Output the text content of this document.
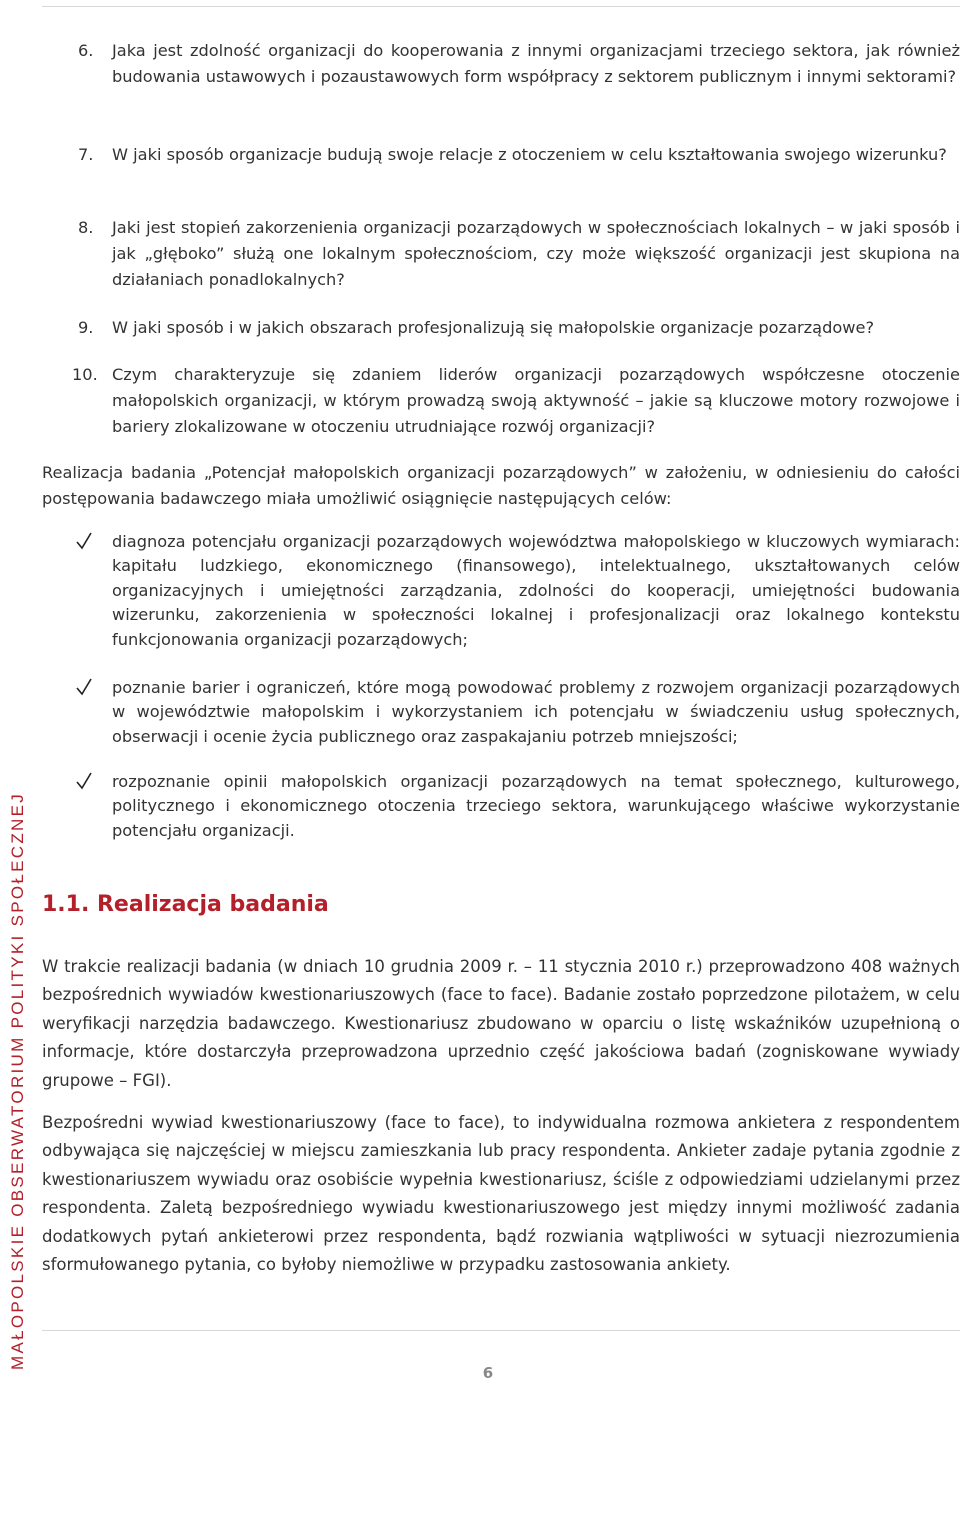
MAŁOPOLSKIE OBSERWATORIUM POLITYKI SPOŁECZNEJ
6. Jaka jest zdolność organizacji do kooperowania z innymi organizacjami trzeciego sektora, jak również budowania ustawowych i pozaustawowych form współpracy z sektorem publicznym i innymi sektorami?
7. W jaki sposób organizacje budują swoje relacje z otoczeniem w celu kształtowania swojego wizerunku?
8. Jaki jest stopień zakorzenienia organizacji pozarządowych w społecznościach lokalnych – w jaki sposób i jak „głęboko” służą one lokalnym społecznościom, czy może większość organizacji jest skupiona na działaniach ponadlokalnych?
9. W jaki sposób i w jakich obszarach profesjonalizują się małopolskie organizacje pozarządowe?
10. Czym charakteryzuje się zdaniem liderów organizacji pozarządowych współczesne otoczenie małopolskich organizacji, w którym prowadzą swoją aktywność – jakie są kluczowe motory rozwojowe i bariery zlokalizowane w otoczeniu utrudniające rozwój organizacji?
Realizacja badania „Potencjał małopolskich organizacji pozarządowych” w założeniu, w odniesieniu do całości postępowania badawczego miała umożliwić osiągnięcie następujących celów:
diagnoza potencjału organizacji pozarządowych województwa małopolskiego w kluczowych wymiarach: kapitału ludzkiego, ekonomicznego (finansowego), intelektualnego, ukształtowanych celów organizacyjnych i umiejętności zarządzania, zdolności do kooperacji, umiejętności budowania wizerunku, zakorzenienia w społeczności lokalnej i profesjonalizacji oraz lokalnego kontekstu funkcjonowania organizacji pozarządowych;
poznanie barier i ograniczeń, które mogą powodować problemy z rozwojem organizacji pozarządowych w województwie małopolskim i wykorzystaniem ich potencjału w świadczeniu usług społecznych, obserwacji i ocenie życia publicznego oraz zaspakajaniu potrzeb mniejszości;
rozpoznanie opinii małopolskich organizacji pozarządowych na temat społecznego, kulturowego, politycznego i ekonomicznego otoczenia trzeciego sektora, warunkującego właściwe wykorzystanie potencjału organizacji.
1.1. Realizacja badania
W trakcie realizacji badania (w dniach 10 grudnia 2009 r. – 11 stycznia 2010 r.) przeprowadzono 408 ważnych bezpośrednich wywiadów kwestionariuszowych (face to face). Badanie zostało poprzedzone pilotażem, w celu weryfikacji narzędzia badawczego. Kwestionariusz zbudowano w oparciu o listę wskaźników uzupełnioną o informacje, które dostarczyła przeprowadzona uprzednio część jakościowa badań (zogniskowane wywiady grupowe – FGI).
Bezpośredni wywiad kwestionariuszowy (face to face), to indywidualna rozmowa ankietera z respondentem odbywająca się najczęściej w miejscu zamieszkania lub pracy respondenta. Ankieter zadaje pytania zgodnie z kwestionariuszem wywiadu oraz osobiście wypełnia kwestionariusz, ściśle z odpowiedziami udzielanymi przez respondenta. Zaletą bezpośredniego wywiadu kwestionariuszowego jest między innymi możliwość zadania dodatkowych pytań ankieterowi przez respondenta, bądź rozwiania wątpliwości w sytuacji niezrozumienia sformułowanego pytania, co byłoby niemożliwe w przypadku zastosowania ankiety.
6
